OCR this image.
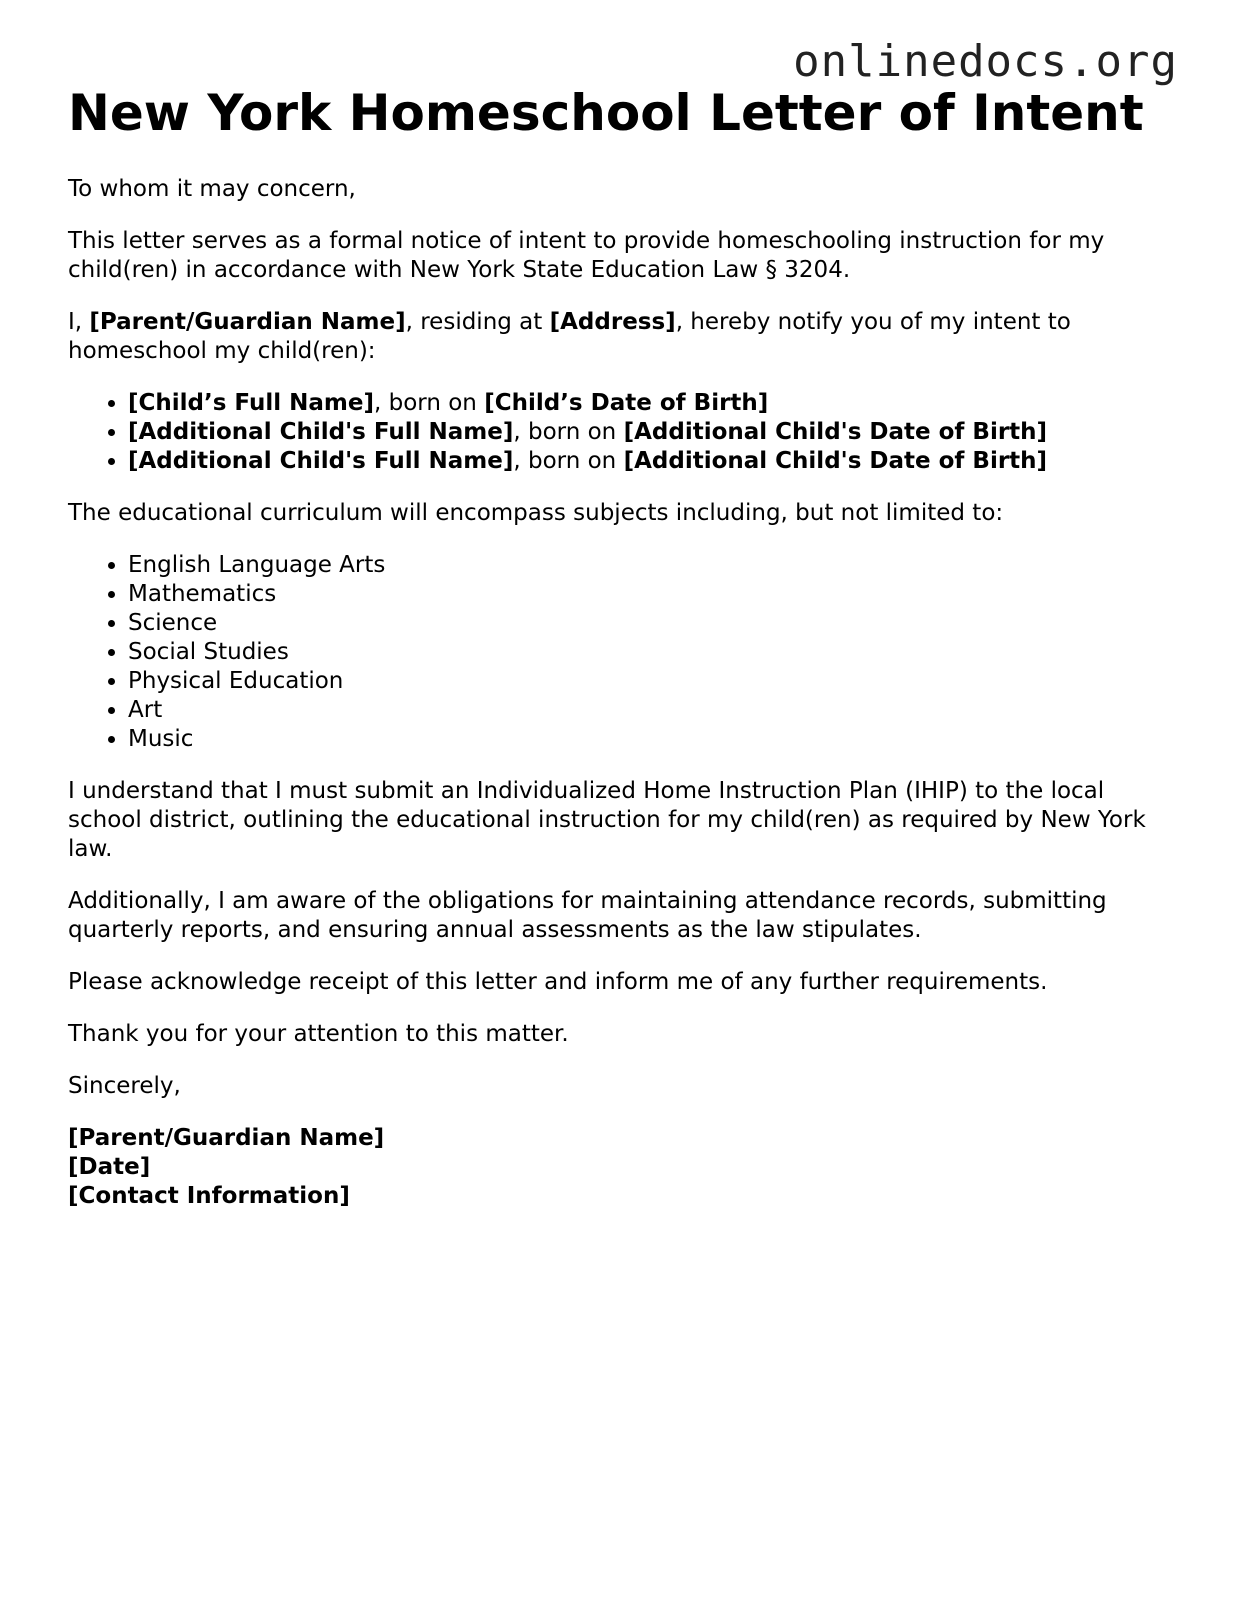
onlinedocs.org
New York Homeschool Letter of Intent

To whom it may concern,

This letter serves as a formal notice of intent to provide homeschooling instruction for my child(ren) in accordance with New York State Education Law § 3204.

I, [Parent/Guardian Name], residing at [Address], hereby notify you of my intent to homeschool my child(ren):

• [Child’s Full Name], born on [Child’s Date of Birth]
• [Additional Child's Full Name], born on [Additional Child's Date of Birth]
• [Additional Child's Full Name], born on [Additional Child's Date of Birth]

The educational curriculum will encompass subjects including, but not limited to:

• English Language Arts
• Mathematics
• Science
• Social Studies
• Physical Education
• Art
• Music

I understand that I must submit an Individualized Home Instruction Plan (IHIP) to the local school district, outlining the educational instruction for my child(ren) as required by New York law.

Additionally, I am aware of the obligations for maintaining attendance records, submitting quarterly reports, and ensuring annual assessments as the law stipulates.

Please acknowledge receipt of this letter and inform me of any further requirements.

Thank you for your attention to this matter.

Sincerely,

[Parent/Guardian Name]

[Date]

[Contact Information]
